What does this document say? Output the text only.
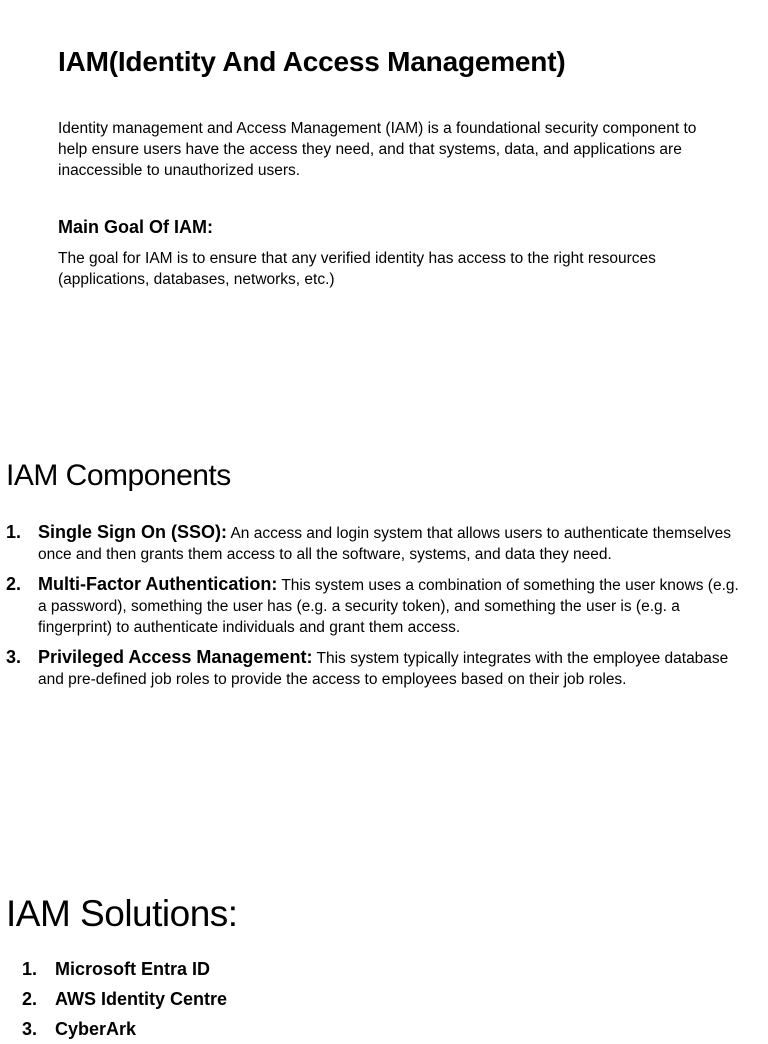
IAM(Identity And Access Management)

Identity management and Access Management (IAM) is a foundational security component to help ensure users have the access they need, and that systems, data, and applications are inaccessible to unauthorized users.

Main Goal Of IAM:

The goal for IAM is to ensure that any verified identity has access to the right resources (applications, databases, networks, etc.)

IAM Components
1. Single Sign On (SSO): An access and login system that allows users to authenticate themselves once and then grants them access to all the software, systems, and data they need.
2. Multi-Factor Authentication: This system uses a combination of something the user knows (e.g. a password), something the user has (e.g. a security token), and something the user is (e.g. a fingerprint) to authenticate individuals and grant them access.
3. Privileged Access Management: This system typically integrates with the employee database and pre-defined job roles to provide the access to employees based on their job roles.
IAM Solutions:
1. Microsoft Entra ID
2. AWS Identity Centre
3. CyberArk
